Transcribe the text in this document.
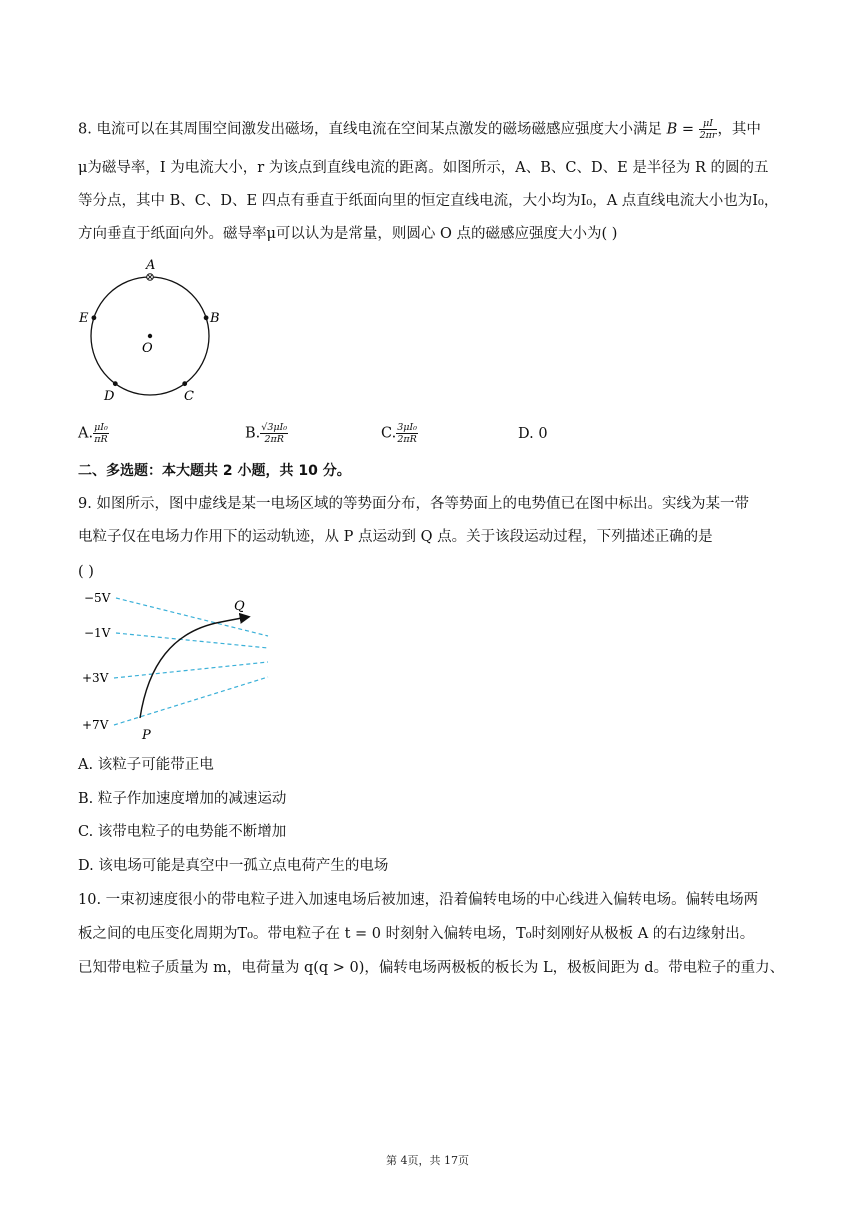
8. 电流可以在其周围空间激发出磁场，直线电流在空间某点激发的磁场磁感应强度大小满足 $B = \frac{\mu I}{2\pi r}$ ，其中
μ为磁导率，I 为电流大小，r 为该点到直线电流的距离。如图所示，A、B、C、D、E 是半径为 R 的圆的五
等分点，其中 B、C、D、E 四点有垂直于纸面向里的恒定直线电流，大小均为I₀，A 点直线电流大小也为I₀，
方向垂直于纸面向外。磁导率μ可以认为是常量，则圆心 O 点的磁感应强度大小为( )
A
B
C
D
E
O
A. $\frac{\text{μI₀}}{\pi R}$	B. $\frac{\text{√3μI₀}}{2\pi R}$	C. $\frac{\text{3μI₀}}{2\pi R}$	D. 0
二、多选题：本大题共 2 小题，共 10 分。
9. 如图所示，图中虚线是某一电场区域的等势面分布，各等势面上的电势值已在图中标出。实线为某一带
电粒子仅在电场力作用下的运动轨迹，从 P 点运动到 Q 点。关于该段运动过程，下列描述正确的是
( )
−5V
−1V
+3V
+7V
P
Q
A. 该粒子可能带正电
B. 粒子作加速度增加的减速运动
C. 该带电粒子的电势能不断增加
D. 该电场可能是真空中一孤立点电荷产生的电场
10. 一束初速度很小的带电粒子进入加速电场后被加速，沿着偏转电场的中心线进入偏转电场。偏转电场两
板之间的电压变化周期为T₀。带电粒子在 t = 0 时刻射入偏转电场，T₀时刻刚好从极板 A 的右边缘射出。
已知带电粒子质量为 m，电荷量为 q(q > 0)，偏转电场两极板的板长为 L，极板间距为 d。带电粒子的重力、
第 4页，共 17页
